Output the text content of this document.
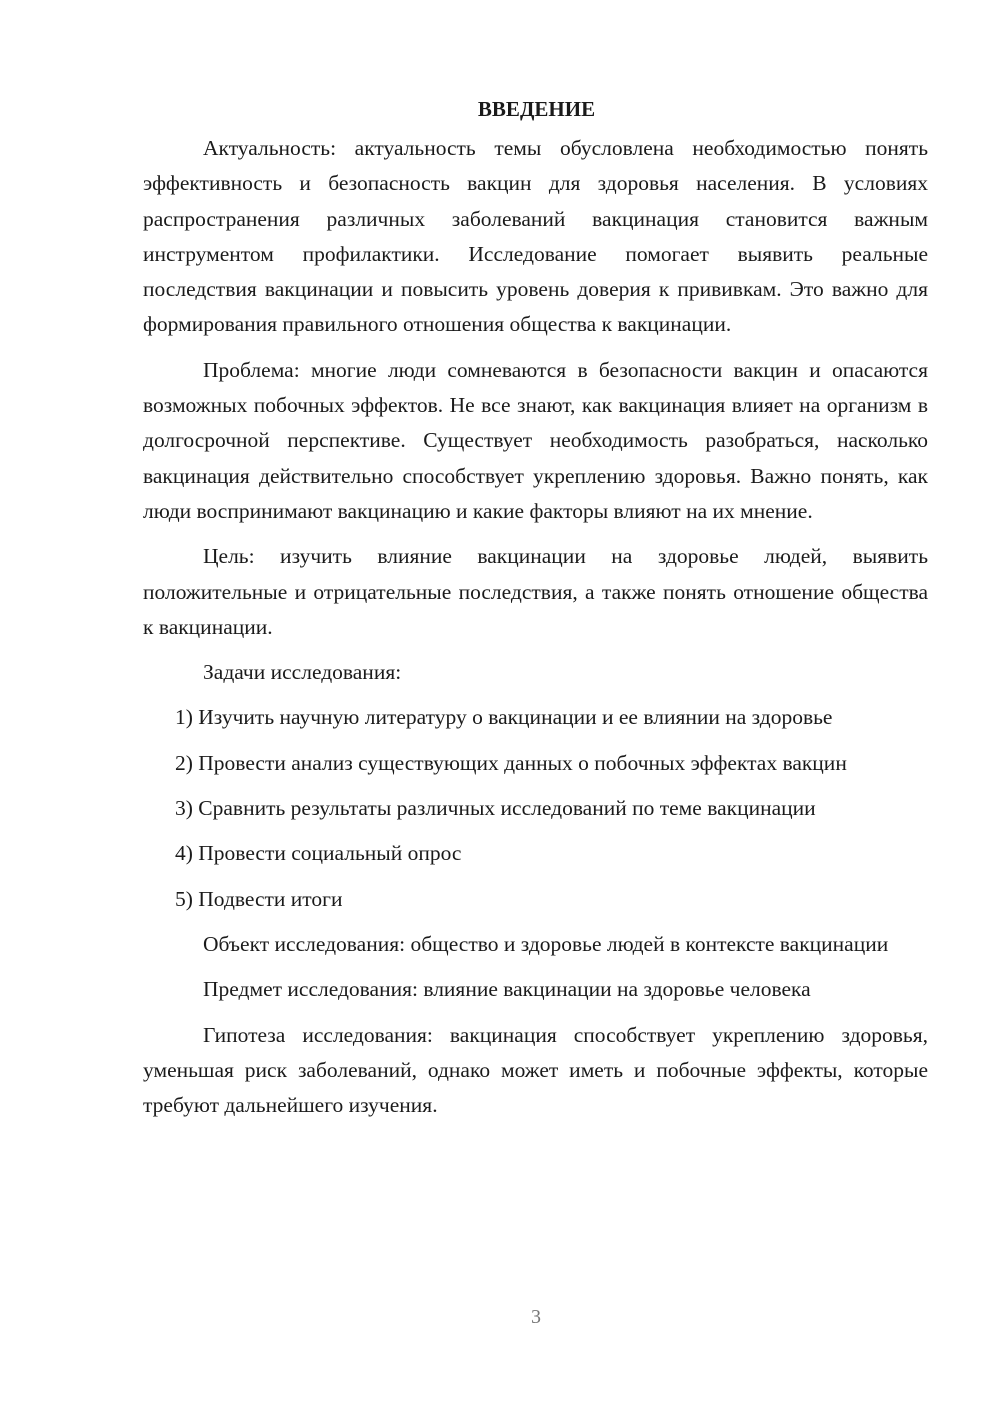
ВВЕДЕНИЕ

Актуальность: актуальность темы обусловлена необходимостью понять эффективность и безопасность вакцин для здоровья населения. В условиях распространения различных заболеваний вакцинация становится важным инструментом профилактики. Исследование помогает выявить реальные последствия вакцинации и повысить уровень доверия к прививкам. Это важно для формирования правильного отношения общества к вакцинации.

Проблема: многие люди сомневаются в безопасности вакцин и опасаются возможных побочных эффектов. Не все знают, как вакцинация влияет на организм в долгосрочной перспективе. Существует необходимость разобраться, насколько вакцинация действительно способствует укреплению здоровья. Важно понять, как люди воспринимают вакцинацию и какие факторы влияют на их мнение.

Цель: изучить влияние вакцинации на здоровье людей, выявить положительные и отрицательные последствия, а также понять отношение общества к вакцинации.

Задачи исследования:

1) Изучить научную литературу о вакцинации и ее влиянии на здоровье

2) Провести анализ существующих данных о побочных эффектах вакцин

3) Сравнить результаты различных исследований по теме вакцинации

4) Провести социальный опрос

5) Подвести итоги

Объект исследования: общество и здоровье людей в контексте вакцинации

Предмет исследования: влияние вакцинации на здоровье человека

Гипотеза исследования: вакцинация способствует укреплению здоровья, уменьшая риск заболеваний, однако может иметь и побочные эффекты, которые требуют дальнейшего изучения.

3
